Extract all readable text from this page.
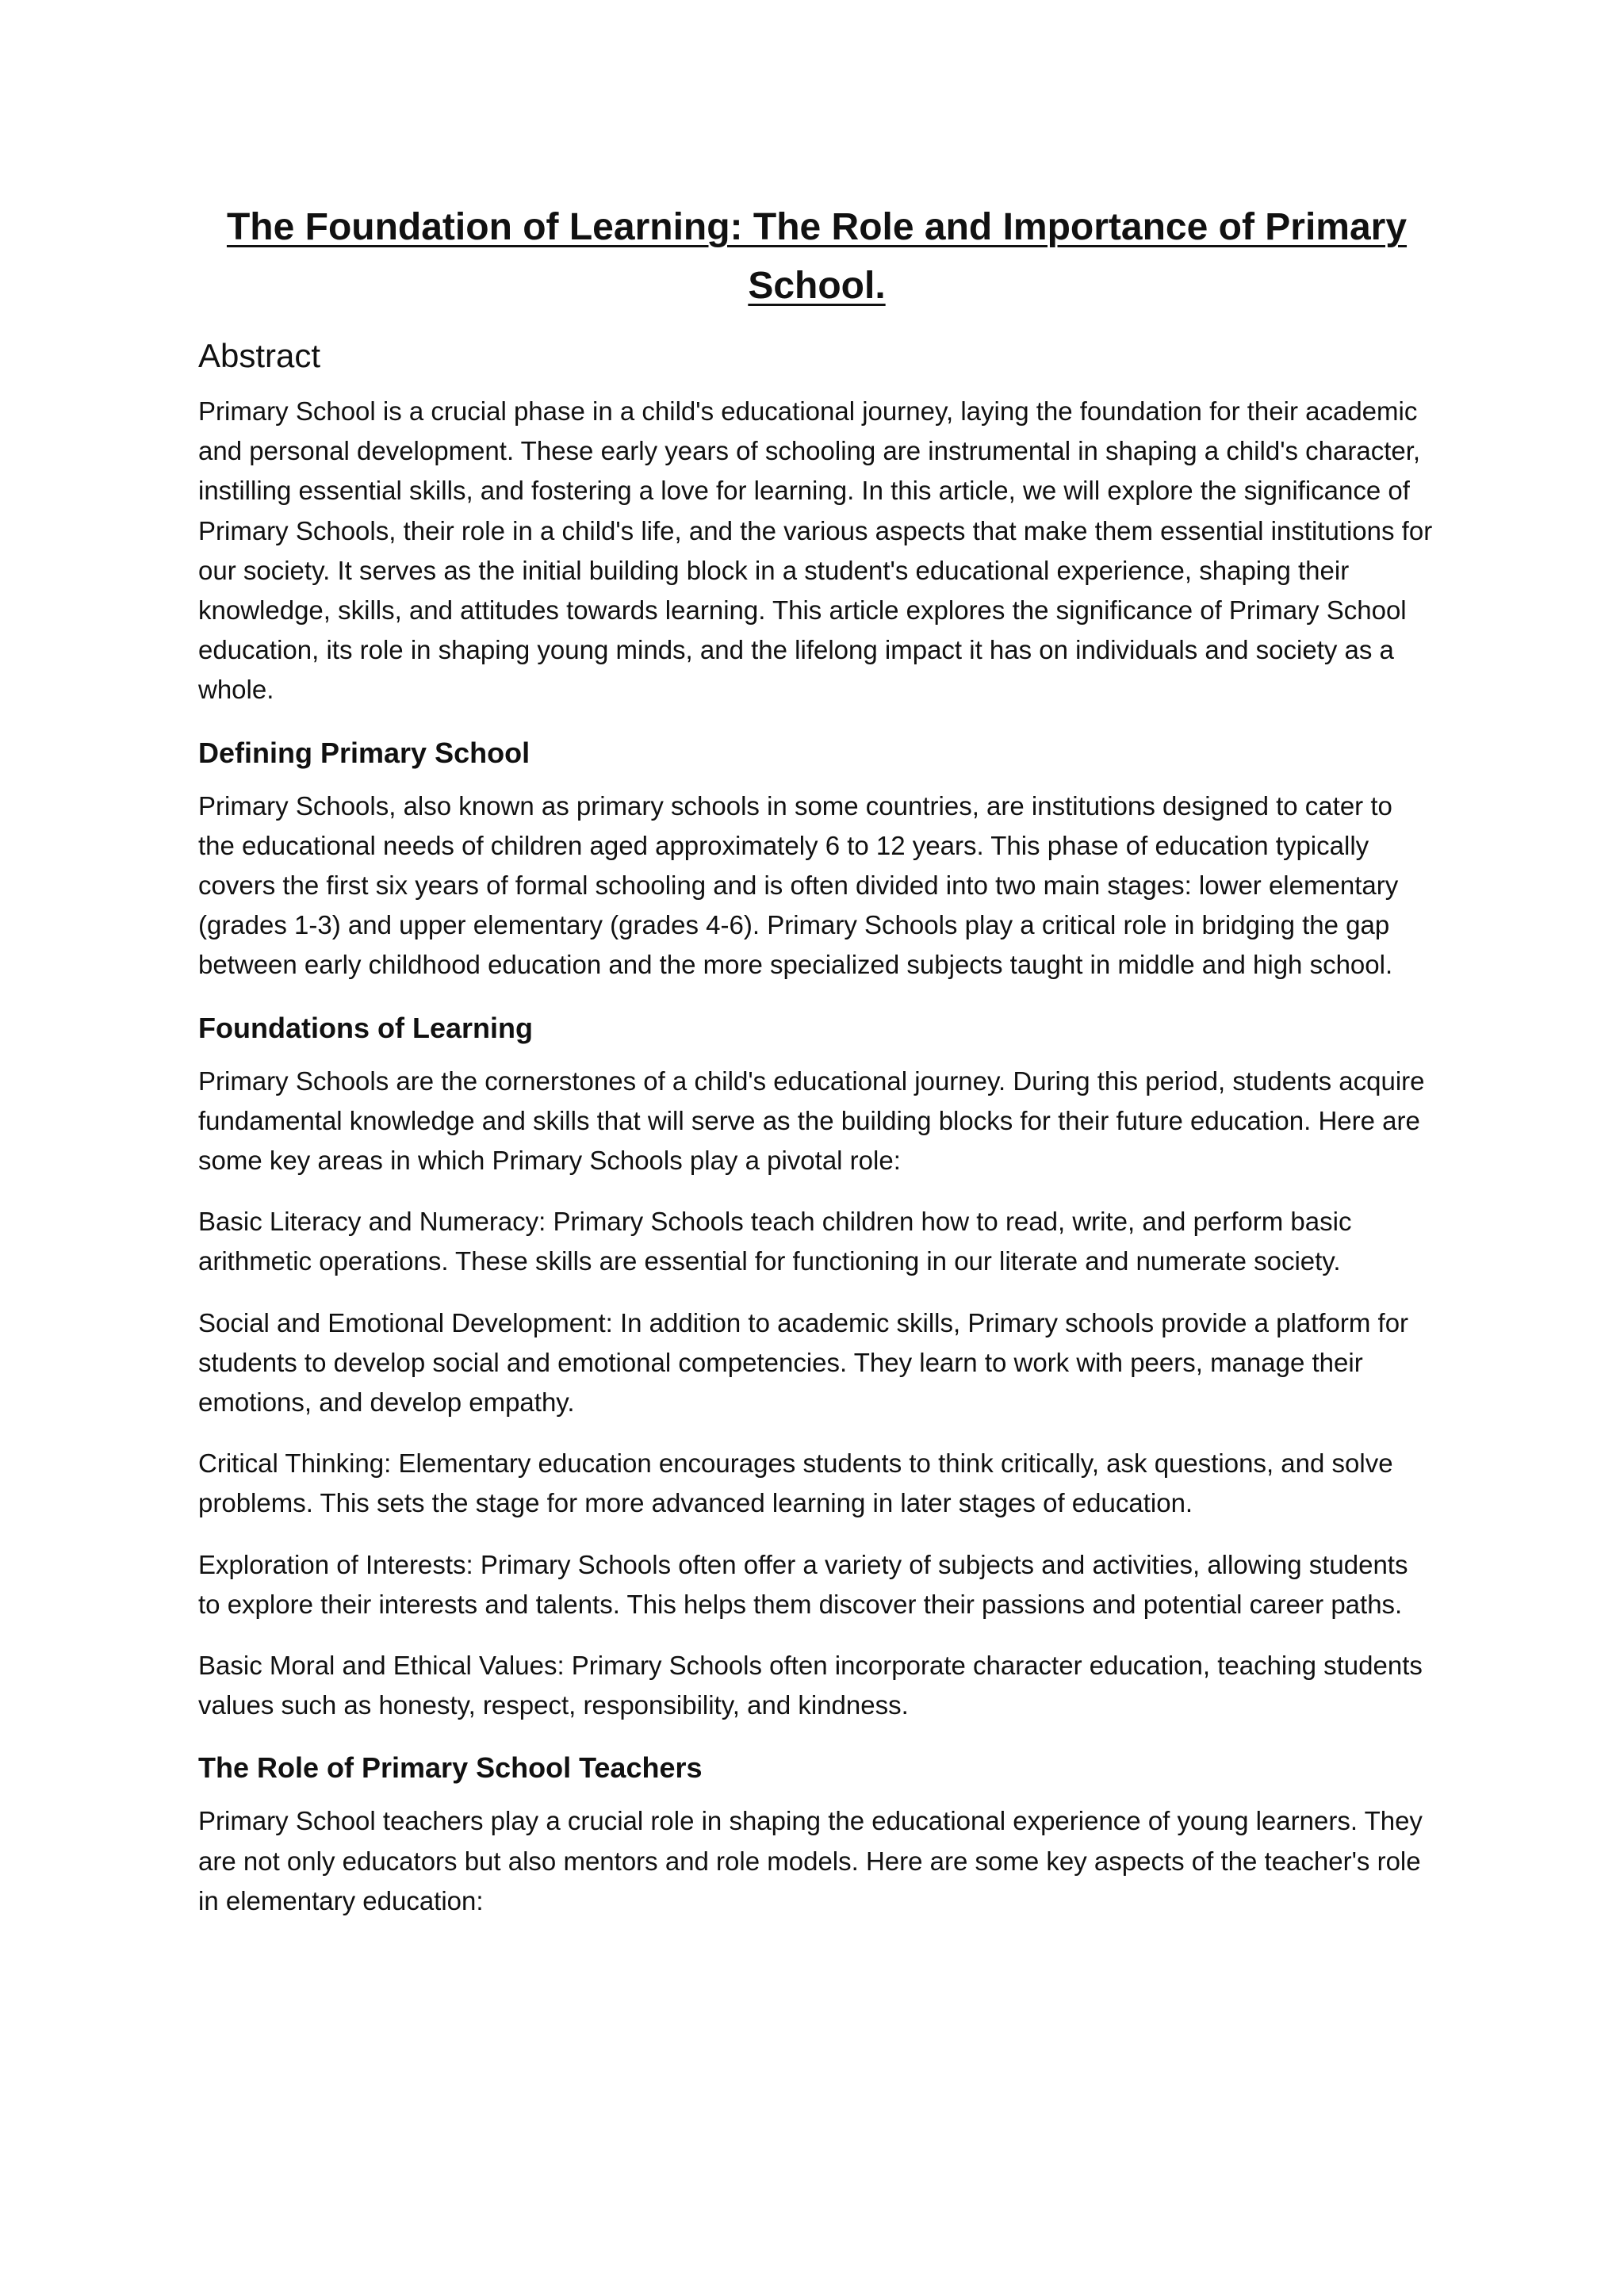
The Foundation of Learning: The Role and Importance of Primary School.
Abstract

Primary School is a crucial phase in a child's educational journey, laying the foundation for their academic and personal development. These early years of schooling are instrumental in shaping a child's character, instilling essential skills, and fostering a love for learning. In this article, we will explore the significance of Primary Schools, their role in a child's life, and the various aspects that make them essential institutions for our society. It serves as the initial building block in a student's educational experience, shaping their knowledge, skills, and attitudes towards learning. This article explores the significance of Primary School education, its role in shaping young minds, and the lifelong impact it has on individuals and society as a whole.

Defining Primary School

Primary Schools, also known as primary schools in some countries, are institutions designed to cater to the educational needs of children aged approximately 6 to 12 years. This phase of education typically covers the first six years of formal schooling and is often divided into two main stages: lower elementary (grades 1-3) and upper elementary (grades 4-6). Primary Schools play a critical role in bridging the gap between early childhood education and the more specialized subjects taught in middle and high school.

Foundations of Learning

Primary Schools are the cornerstones of a child's educational journey. During this period, students acquire fundamental knowledge and skills that will serve as the building blocks for their future education. Here are some key areas in which Primary Schools play a pivotal role:

Basic Literacy and Numeracy: Primary Schools teach children how to read, write, and perform basic arithmetic operations. These skills are essential for functioning in our literate and numerate society.

Social and Emotional Development: In addition to academic skills, Primary schools provide a platform for students to develop social and emotional competencies. They learn to work with peers, manage their emotions, and develop empathy.

Critical Thinking: Elementary education encourages students to think critically, ask questions, and solve problems. This sets the stage for more advanced learning in later stages of education.

Exploration of Interests: Primary Schools often offer a variety of subjects and activities, allowing students to explore their interests and talents. This helps them discover their passions and potential career paths.

Basic Moral and Ethical Values: Primary Schools often incorporate character education, teaching students values such as honesty, respect, responsibility, and kindness.

The Role of Primary School Teachers

Primary School teachers play a crucial role in shaping the educational experience of young learners. They are not only educators but also mentors and role models. Here are some key aspects of the teacher's role in elementary education:
